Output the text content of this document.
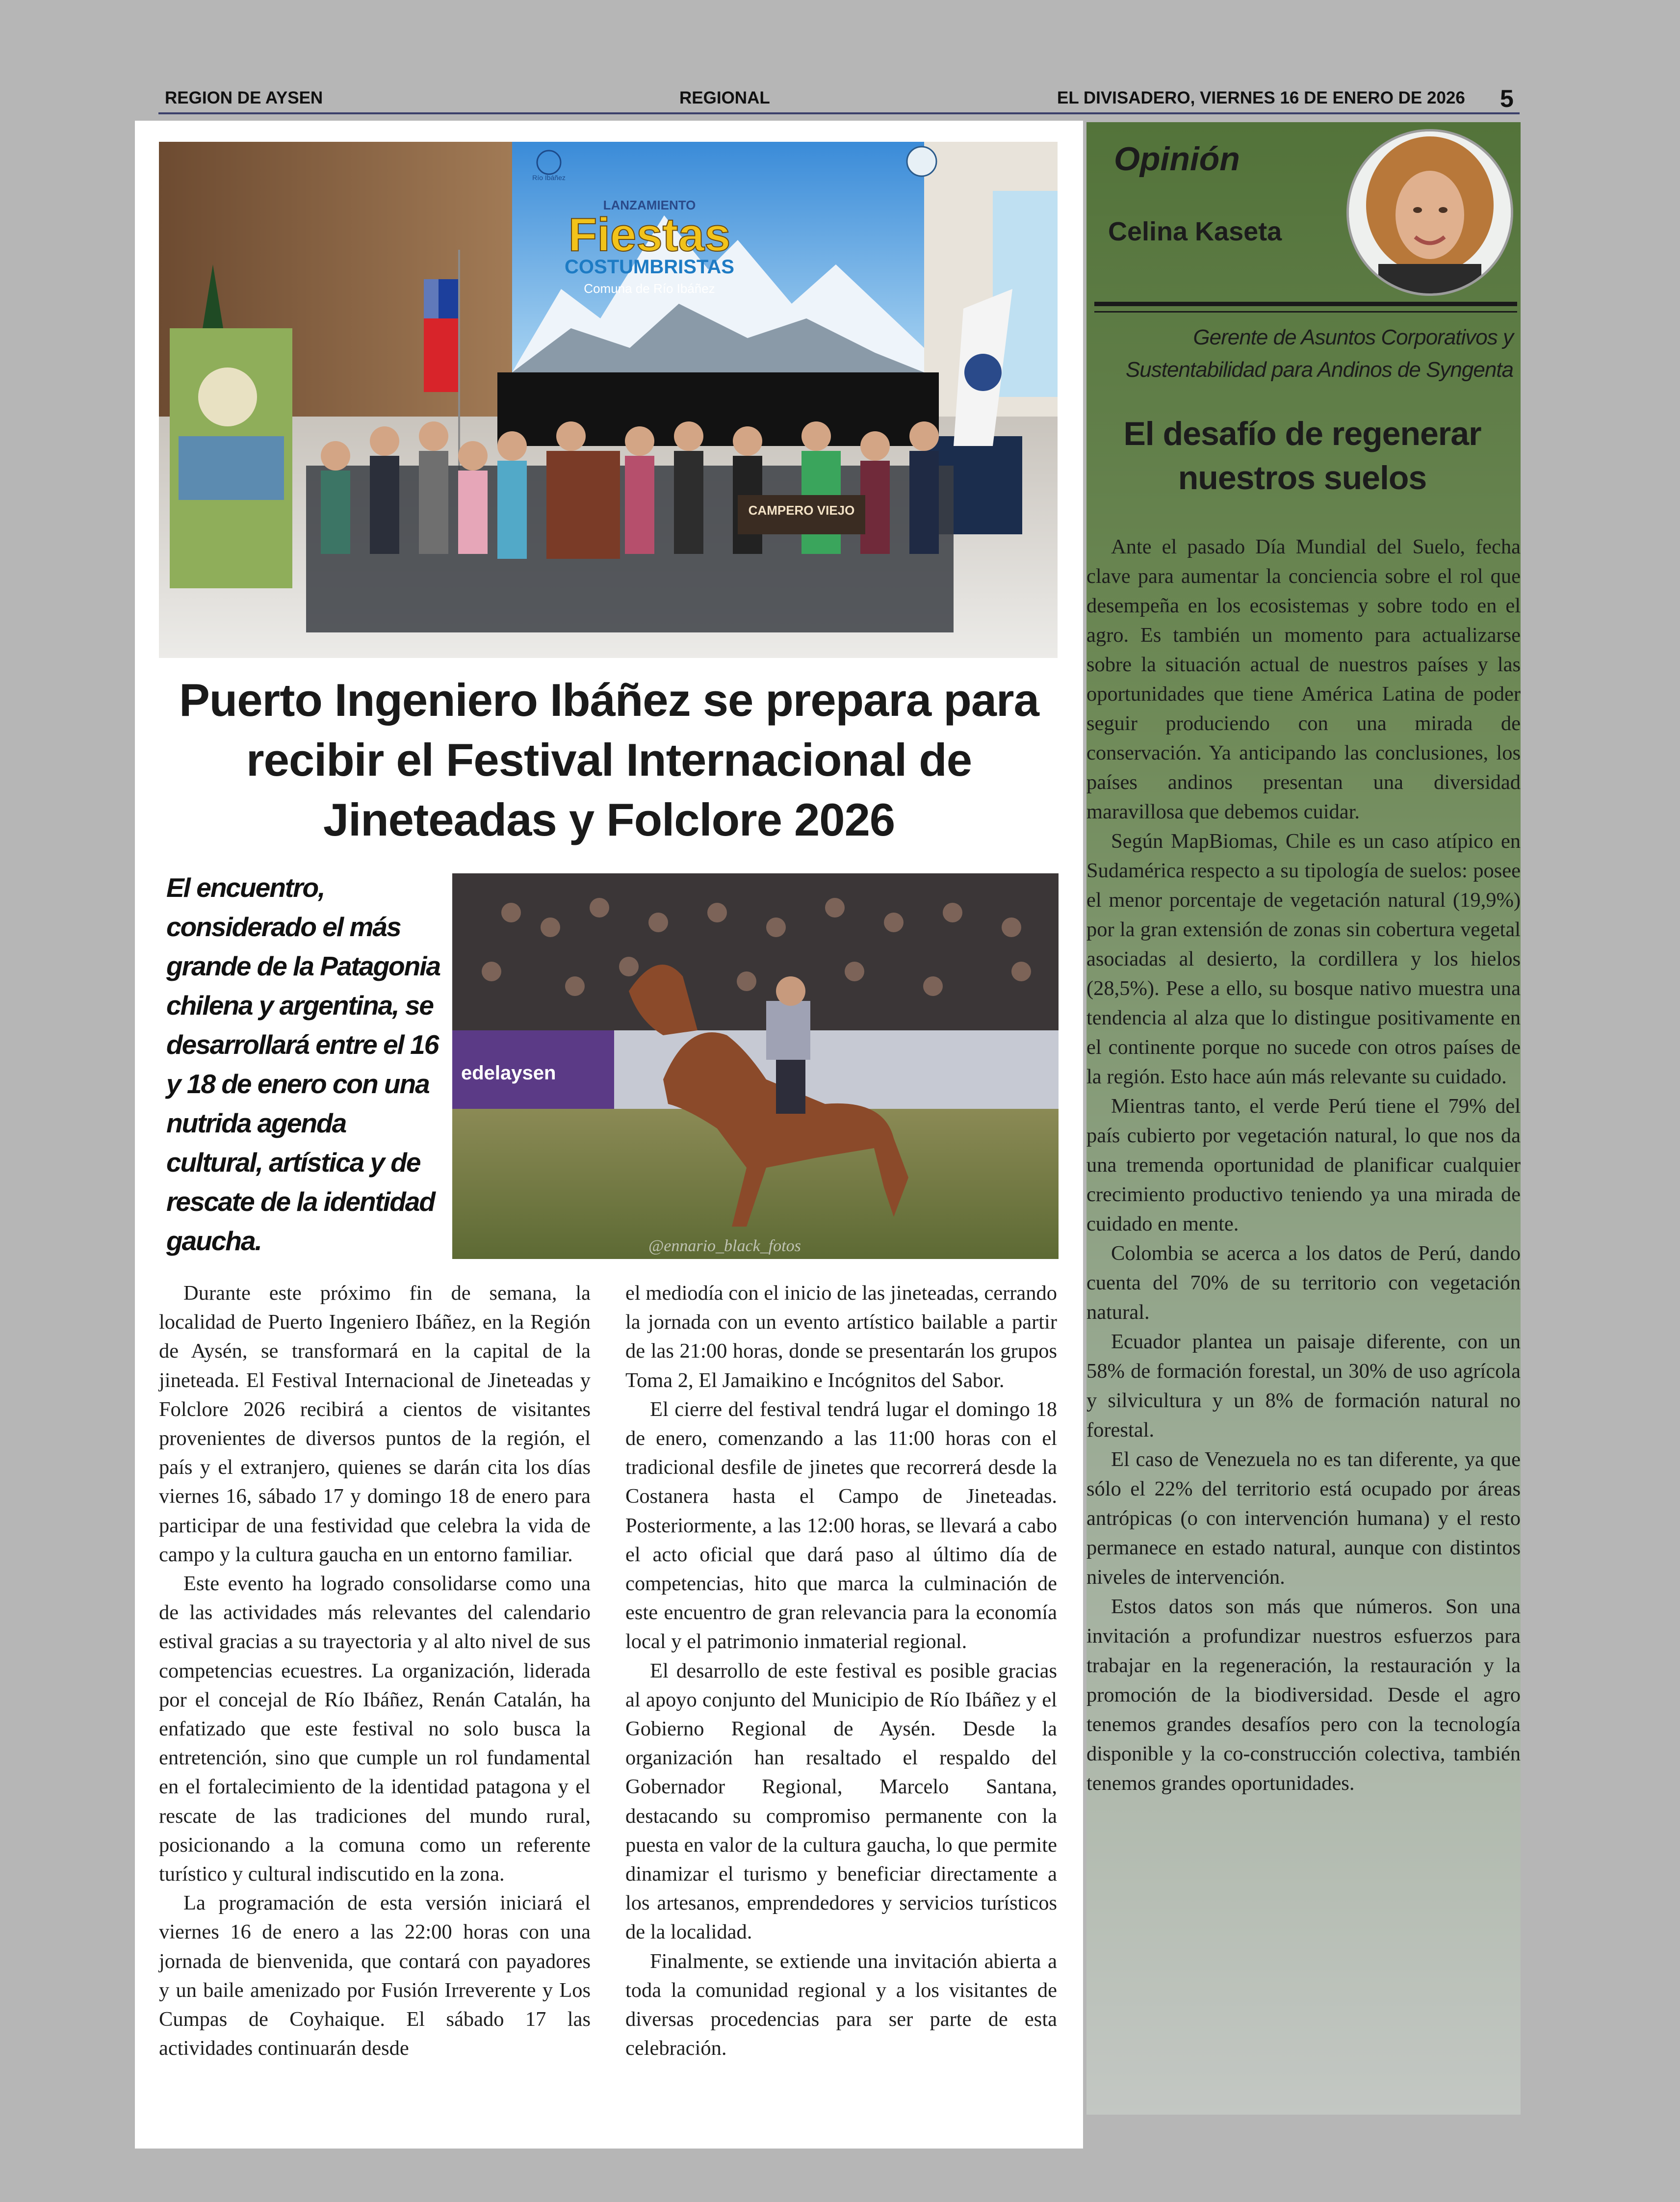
REGION DE AYSEN	REGIONAL	EL DIVISADERO, VIERNES 16 DE ENERO DE 2026 5
LANZAMIENTO
Fiestas
COSTUMBRISTAS
Comuna de Río Ibáñez
Río Ibáñez
CAMPERO VIEJO
Puerto Ingeniero Ibáñez se prepara para recibir el Festival Internacional de Jineteadas y Folclore 2026
El encuentro, considerado el más grande de la Patagonia chilena y argentina, se desarrollará entre el 16 y 18 de enero con una nutrida agenda cultural, artística y de rescate de la identidad gaucha.
edelaysen
@ennario_black_fotos

Durante este próximo fin de semana, la localidad de Puerto Ingeniero Ibáñez, en la Región de Aysén, se transformará en la capital de la jineteada. El Festival Internacional de Jineteadas y Folclore 2026 recibirá a cientos de visitantes provenientes de diversos puntos de la región, el país y el extranjero, quienes se darán cita los días viernes 16, sábado 17 y domingo 18 de enero para participar de una festividad que celebra la vida de campo y la cultura gaucha en un entorno familiar.

Este evento ha logrado consolidarse como una de las actividades más relevantes del calendario estival gracias a su trayectoria y al alto nivel de sus competencias ecuestres. La organización, liderada por el concejal de Río Ibáñez, Renán Catalán, ha enfatizado que este festival no solo busca la entretención, sino que cumple un rol fundamental en el fortalecimiento de la identidad patagona y el rescate de las tradiciones del mundo rural, posicionando a la comuna como un referente turístico y cultural indiscutido en la zona.

La programación de esta versión iniciará el viernes 16 de enero a las 22:00 horas con una jornada de bienvenida, que contará con payadores y un baile amenizado por Fusión Irreverente y Los Cumpas de Coyhaique. El sábado 17 las actividades continuarán desde

el mediodía con el inicio de las jineteadas, cerrando la jornada con un evento artístico bailable a partir de las 21:00 horas, donde se presentarán los grupos Toma 2, El Jamaikino e Incógnitos del Sabor.

El cierre del festival tendrá lugar el domingo 18 de enero, comenzando a las 11:00 horas con el tradicional desfile de jinetes que recorrerá desde la Costanera hasta el Campo de Jineteadas. Posteriormente, a las 12:00 horas, se llevará a cabo el acto oficial que dará paso al último día de competencias, hito que marca la culminación de este encuentro de gran relevancia para la economía local y el patrimonio inmaterial regional.

El desarrollo de este festival es posible gracias al apoyo conjunto del Municipio de Río Ibáñez y el Gobierno Regional de Aysén. Desde la organización han resaltado el respaldo del Gobernador Regional, Marcelo Santana, destacando su compromiso permanente con la puesta en valor de la cultura gaucha, lo que permite dinamizar el turismo y beneficiar directamente a los artesanos, emprendedores y servicios turísticos de la localidad.

Finalmente, se extiende una invitación abierta a toda la comunidad regional y a los visitantes de diversas procedencias para ser parte de esta celebración.

Opinión
Celina Kaseta
Gerente de Asuntos Corporativos y Sustentabilidad para Andinos de Syngenta
El desafío de regenerar nuestros suelos

Ante el pasado Día Mundial del Suelo, fecha clave para aumentar la conciencia sobre el rol que desempeña en los ecosistemas y sobre todo en el agro. Es también un momento para actualizarse sobre la situación actual de nuestros países y las oportunidades que tiene América Latina de poder seguir produciendo con una mirada de conservación. Ya anticipando las conclusiones, los países andinos presentan una diversidad maravillosa que debemos cuidar.

Según MapBiomas, Chile es un caso atípico en Sudamérica respecto a su tipología de suelos: posee el menor porcentaje de vegetación natural (19,9%) por la gran extensión de zonas sin cobertura vegetal asociadas al desierto, la cordillera y los hielos (28,5%). Pese a ello, su bosque nativo muestra una tendencia al alza que lo distingue positivamente en el continente porque no sucede con otros países de la región. Esto hace aún más relevante su cuidado.

Mientras tanto, el verde Perú tiene el 79% del país cubierto por vegetación natural, lo que nos da una tremenda oportunidad de planificar cualquier crecimiento productivo teniendo ya una mirada de cuidado en mente.

Colombia se acerca a los datos de Perú, dando cuenta del 70% de su territorio con vegetación natural.

Ecuador plantea un paisaje diferente, con un 58% de formación forestal, un 30% de uso agrícola y silvicultura y un 8% de formación natural no forestal.

El caso de Venezuela no es tan diferente, ya que sólo el 22% del territorio está ocupado por áreas antrópicas (o con intervención humana) y el resto permanece en estado natural, aunque con distintos niveles de intervención.

Estos datos son más que números. Son una invitación a profundizar nuestros esfuerzos para trabajar en la regeneración, la restauración y la promoción de la biodiversidad. Desde el agro tenemos grandes desafíos pero con la tecnología disponible y la co-construcción colectiva, también tenemos grandes oportunidades.
